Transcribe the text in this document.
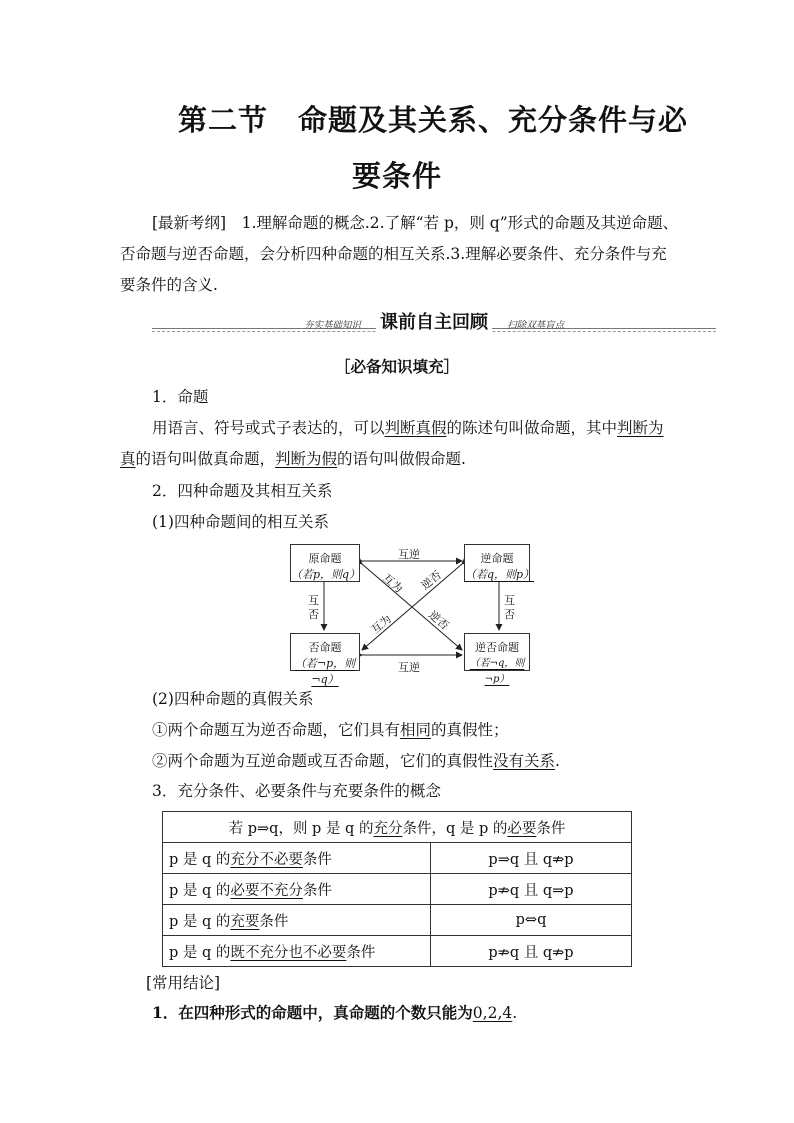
第二节　命题及其关系、充分条件与必
要条件
[最新考纲]　1.理解命题的概念.2.了解“若 p，则 q”形式的命题及其逆命题、
否命题与逆否命题，会分析四种命题的相互关系.3.理解必要条件、充分条件与充
要条件的含义.
夯实基础知识 课前自主回顾 扫除双基盲点
［必备知识填充］
1．命题
用语言、符号或式子表达的，可以判断真假的陈述句叫做命题，其中判断为
真的语句叫做真命题，判断为假的语句叫做假命题.
2．四种命题及其相互关系
(1)四种命题间的相互关系
原命题
（若p，则q）
逆命题
（若q，则p）
否命题
（若¬p，则¬q）
逆否命题
（若¬q，则¬p）
互逆
互逆
互
否
互
否
互为
逆否
互为
逆否
(2)四种命题的真假关系
①两个命题互为逆否命题，它们具有相同的真假性；
②两个命题为互逆命题或互否命题，它们的真假性没有关系.
3．充分条件、必要条件与充要条件的概念
若 p⇒q，则 p 是 q 的充分条件，q 是 p 的必要条件	
p 是 q 的充分不必要条件	p⇒q 且 q⇏p
p 是 q 的必要不充分条件	p⇏q 且 q⇒p
p 是 q 的充要条件	p⇔q
p 是 q 的既不充分也不必要条件	p⇏q 且 q⇏p
[常用结论]
1．在四种形式的命题中，真命题的个数只能为0,2,4.
